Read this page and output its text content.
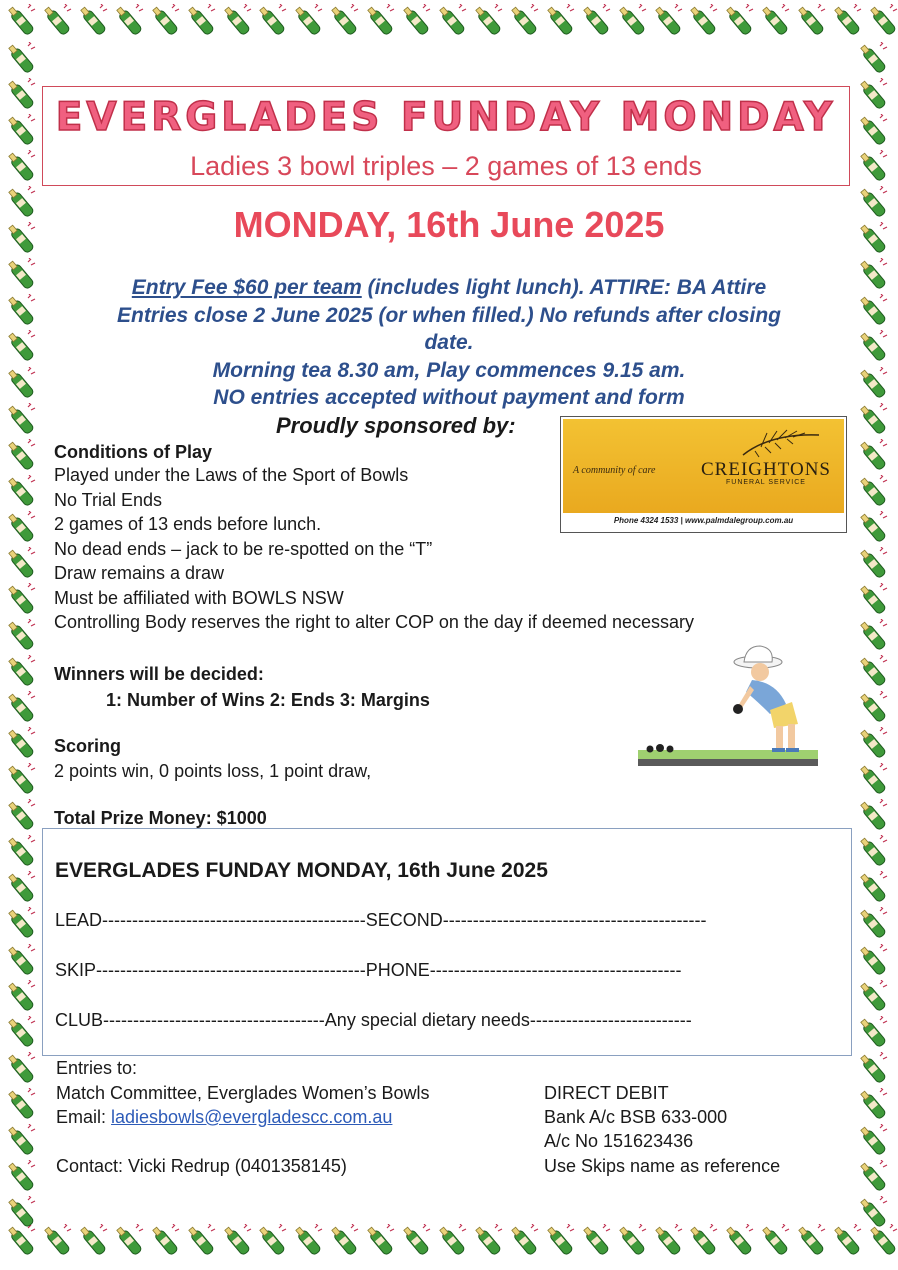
EVERGLADES FUNDAY MONDAY
Ladies 3 bowl triples – 2 games of 13 ends
MONDAY, 16th June 2025
Entry Fee $60 per team (includes light lunch). ATTIRE: BA Attire
Entries close 2 June 2025 (or when filled.) No refunds after closing
date.
Morning tea 8.30 am, Play commences 9.15 am.
NO entries accepted without payment and form
Proudly sponsored by:
A community of care CREIGHTONS
FUNERAL SERVICE
Phone 4324 1533 | www.palmdalegroup.com.au
Conditions of Play
Played under the Laws of the Sport of Bowls
No Trial Ends
2 games of 13 ends before lunch.
No dead ends – jack to be re-spotted on the “T”
Draw remains a draw
Must be affiliated with BOWLS NSW
Controlling Body reserves the right to alter COP on the day if deemed necessary
Winners will be decided:
1: Number of Wins 2: Ends 3: Margins
Scoring
2 points win, 0 points loss, 1 point draw,
Total Prize Money: $1000
EVERGLADES FUNDAY MONDAY, 16th June 2025
LEAD--------------------------------------------SECOND--------------------------------------------
SKIP---------------------------------------------PHONE------------------------------------------
CLUB-------------------------------------Any special dietary needs---------------------------
Entries to:
Match Committee, Everglades Women’s Bowls
Email: ladiesbowls@evergladescc.com.au
Contact: Vicki Redrup (0401358145)
DIRECT DEBIT
Bank A/c BSB 633-000
A/c No 151623436
Use Skips name as reference
